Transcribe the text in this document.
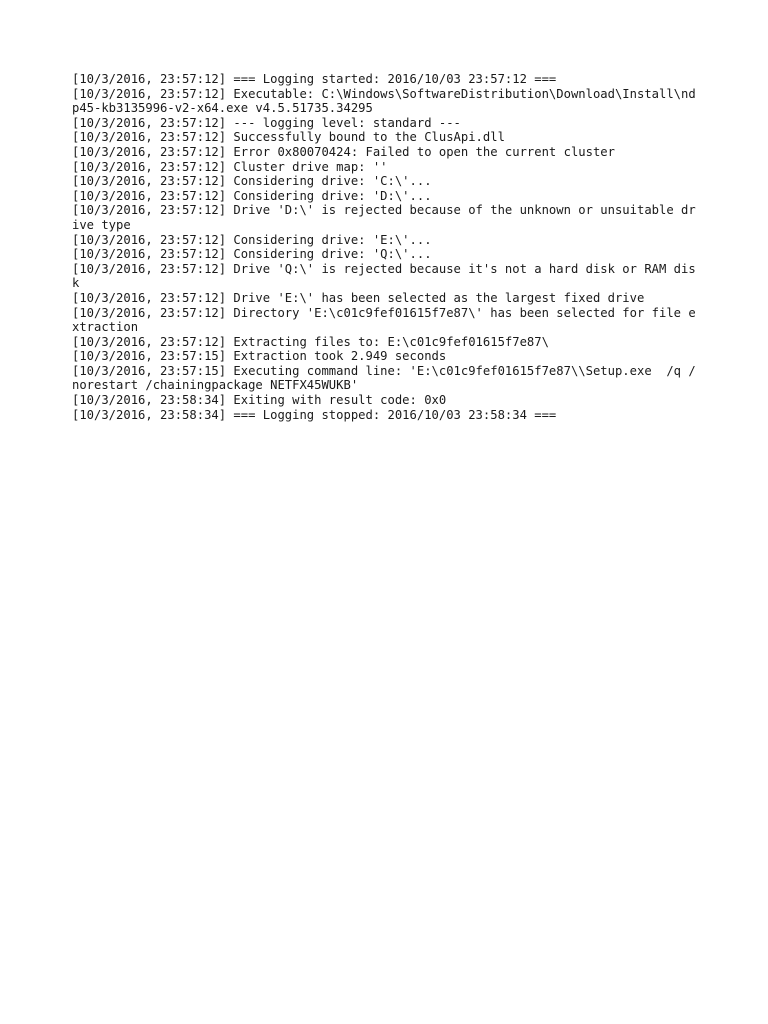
[10/3/2016, 23:57:12] === Logging started: 2016/10/03 23:57:12 ===
[10/3/2016, 23:57:12] Executable: C:\Windows\SoftwareDistribution\Download\Install\ndp45-kb3135996-v2-x64.exe v4.5.51735.34295
[10/3/2016, 23:57:12] --- logging level: standard ---
[10/3/2016, 23:57:12] Successfully bound to the ClusApi.dll
[10/3/2016, 23:57:12] Error 0x80070424: Failed to open the current cluster
[10/3/2016, 23:57:12] Cluster drive map: ''
[10/3/2016, 23:57:12] Considering drive: 'C:\'...
[10/3/2016, 23:57:12] Considering drive: 'D:\'...
[10/3/2016, 23:57:12] Drive 'D:\' is rejected because of the unknown or unsuitable drive type
[10/3/2016, 23:57:12] Considering drive: 'E:\'...
[10/3/2016, 23:57:12] Considering drive: 'Q:\'...
[10/3/2016, 23:57:12] Drive 'Q:\' is rejected because it's not a hard disk or RAM disk
[10/3/2016, 23:57:12] Drive 'E:\' has been selected as the largest fixed drive
[10/3/2016, 23:57:12] Directory 'E:\c01c9fef01615f7e87\' has been selected for file extraction
[10/3/2016, 23:57:12] Extracting files to: E:\c01c9fef01615f7e87\
[10/3/2016, 23:57:15] Extraction took 2.949 seconds
[10/3/2016, 23:57:15] Executing command line: 'E:\c01c9fef01615f7e87\\Setup.exe  /q /norestart /chainingpackage NETFX45WUKB'
[10/3/2016, 23:58:34] Exiting with result code: 0x0
[10/3/2016, 23:58:34] === Logging stopped: 2016/10/03 23:58:34 ===
